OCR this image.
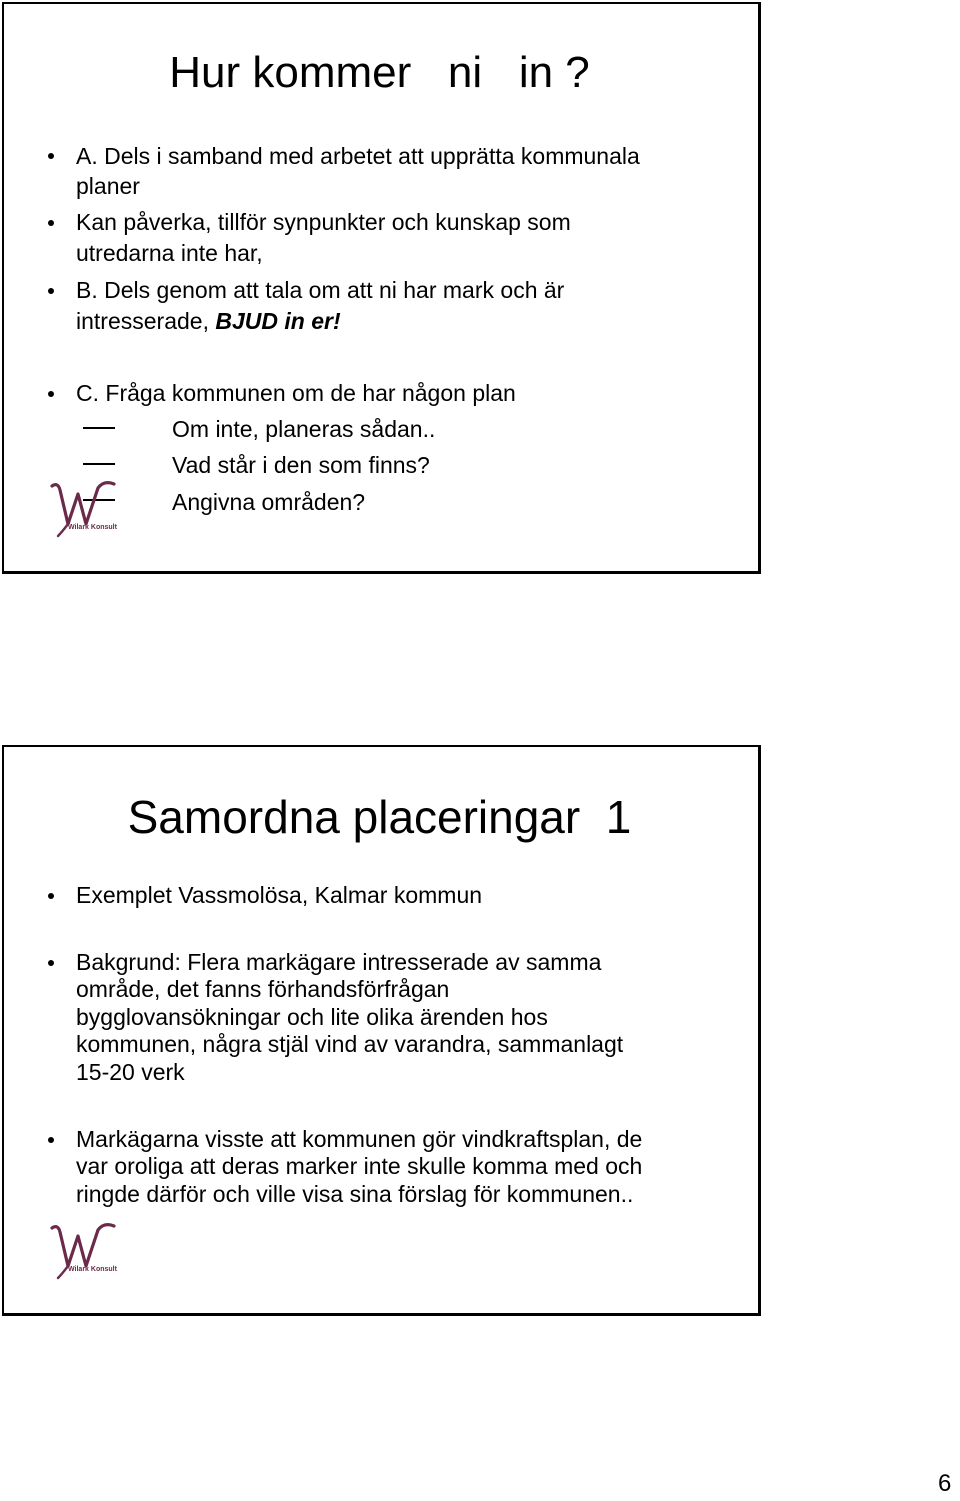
Hur kommer   ni   in ?
A. Dels i samband med arbetet att upprätta kommunala
planer
Kan påverka, tillför synpunkter och kunskap som
utredarna inte har,
B. Dels genom att tala om att ni har mark och är
intresserade, BJUD in er!
C. Fråga kommunen om de har någon plan
Om inte, planeras sådan..
Vad står i den som finns?
Angivna områden?
Wilark Konsult
Samordna placeringar  1
Exemplet Vassmolösa, Kalmar kommun
Bakgrund: Flera markägare intresserade av samma
område, det fanns förhandsförfrågan
bygglovansökningar och lite olika ärenden hos
kommunen, några stjäl vind av varandra, sammanlagt
15-20 verk
Markägarna visste att kommunen gör vindkraftsplan, de
var oroliga att deras marker inte skulle komma med och
ringde därför och ville visa sina förslag för kommunen..
Wilark Konsult
6
